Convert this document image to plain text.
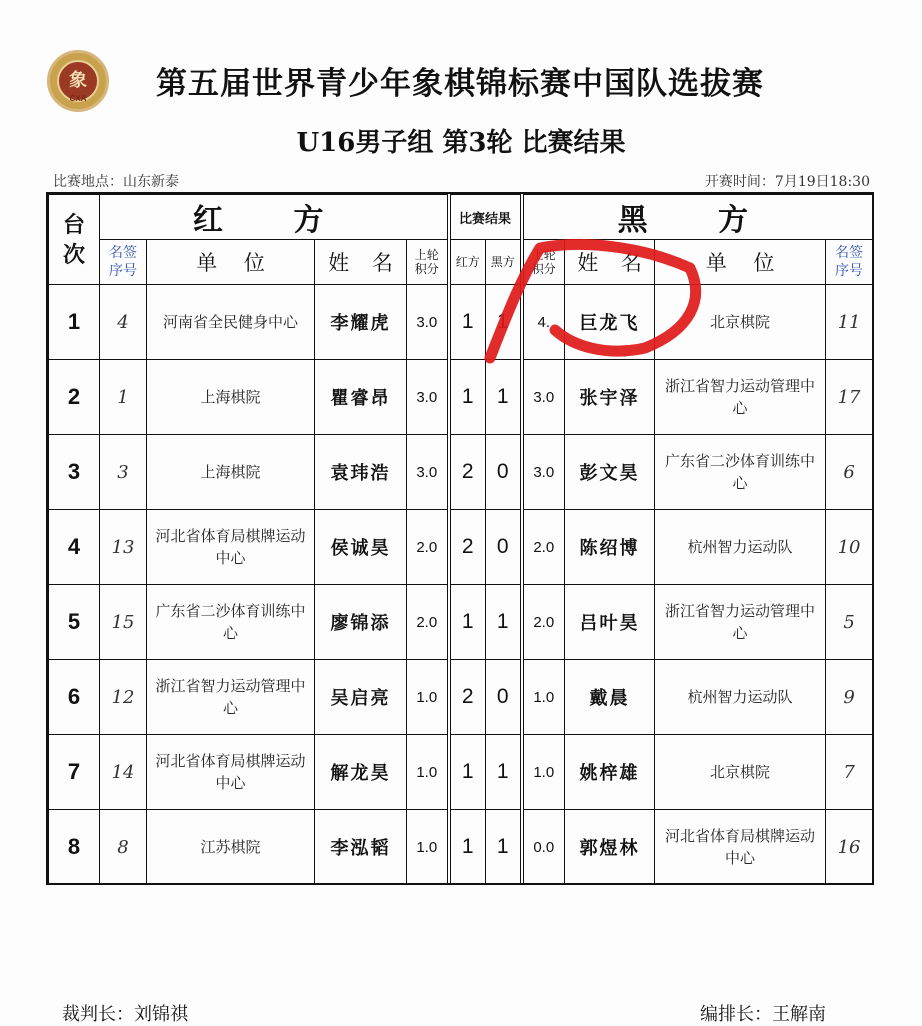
象
CXA	第五届世界青少年象棋锦标赛中国队选拔赛
U16男子组 第3轮 比赛结果
比赛地点：山东新泰	开赛时间：7月19日18:30
台次	红 方				比赛结果		黑 方			

	名签序号	单 位	姓 名	上轮积分	红方	黑方	上轮积分	姓 名	单 位	名签序号

1	4	河南省全民健身中心	李耀虎	3.0	1	1	4.	巨龙飞	北京棋院	11
2	1	上海棋院	瞿睿昂	3.0	1	1	3.0	张宇泽	浙江省智力运动管理中心	17
3	3	上海棋院	袁玮浩	3.0	2	0	3.0	彭文昊	广东省二沙体育训练中心	6
4	13	河北省体育局棋牌运动中心	侯诚昊	2.0	2	0	2.0	陈绍博	杭州智力运动队	10
5	15	广东省二沙体育训练中心	廖锦添	2.0	1	1	2.0	吕叶昊	浙江省智力运动管理中心	5
6	12	浙江省智力运动管理中心	吴启亮	1.0	2	0	1.0	戴晨	杭州智力运动队	9
7	14	河北省体育局棋牌运动中心	解龙昊	1.0	1	1	1.0	姚梓雄	北京棋院	7
8	8	江苏棋院	李泓韬	1.0	1	1	0.0	郭煜林	河北省体育局棋牌运动中心	16
裁判长：刘锦祺	编排长：王解南
